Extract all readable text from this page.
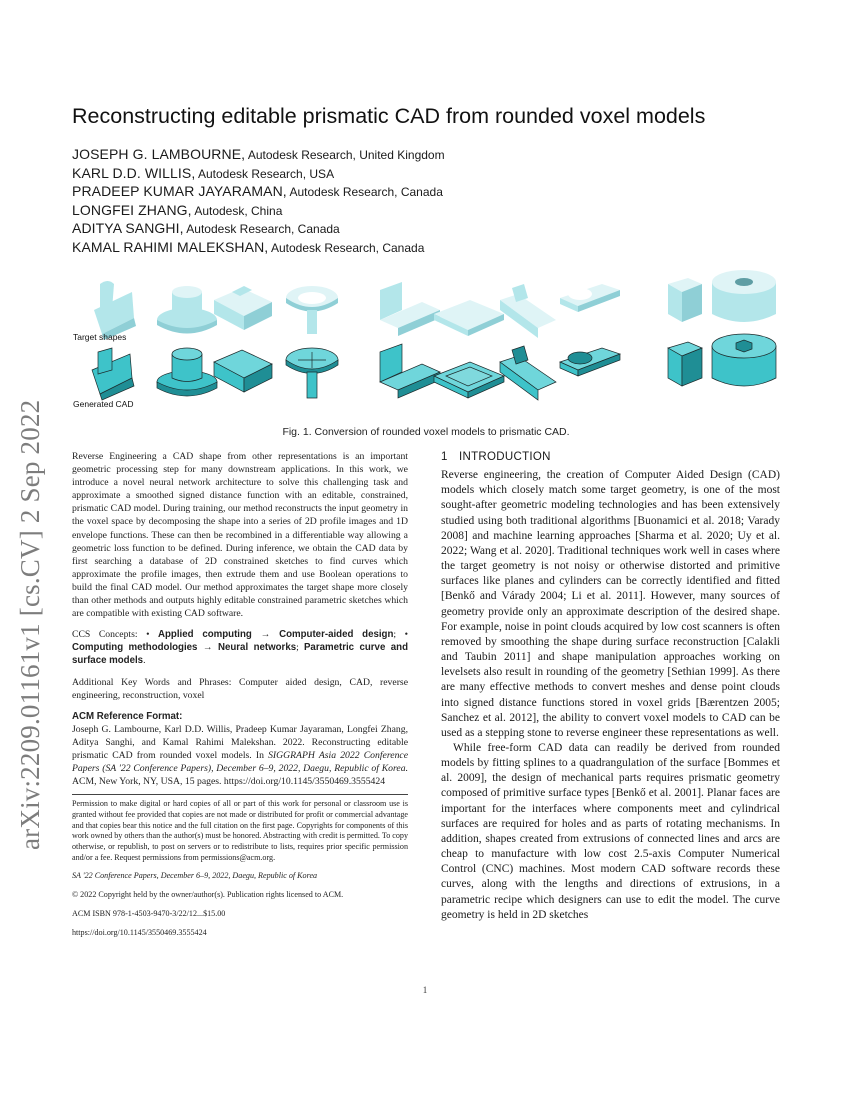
arXiv:2209.01161v1 [cs.CV] 2 Sep 2022
Reconstructing editable prismatic CAD from rounded voxel models
JOSEPH G. LAMBOURNE, Autodesk Research, United Kingdom
KARL D.D. WILLIS, Autodesk Research, USA
PRADEEP KUMAR JAYARAMAN, Autodesk Research, Canada
LONGFEI ZHANG, Autodesk, China
ADITYA SANGHI, Autodesk Research, Canada
KAMAL RAHIMI MALEKSHAN, Autodesk Research, Canada
Target shapes
Generated CAD
Fig. 1. Conversion of rounded voxel models to prismatic CAD.

Reverse Engineering a CAD shape from other representations is an important geometric processing step for many downstream applications. In this work, we introduce a novel neural network architecture to solve this challenging task and approximate a smoothed signed distance function with an editable, constrained, prismatic CAD model. During training, our method reconstructs the input geometry in the voxel space by decomposing the shape into a series of 2D profile images and 1D envelope functions. These can then be recombined in a differentiable way allowing a geometric loss function to be defined. During inference, we obtain the CAD data by first searching a database of 2D constrained sketches to find curves which approximate the profile images, then extrude them and use Boolean operations to build the final CAD model. Our method approximates the target shape more closely than other methods and outputs highly editable constrained parametric sketches which are compatible with existing CAD software.

CCS Concepts: • Applied computing → Computer-aided design; • Computing methodologies → Neural networks; Parametric curve and surface models.

Additional Key Words and Phrases: Computer aided design, CAD, reverse engineering, reconstruction, voxel

ACM Reference Format:

Joseph G. Lambourne, Karl D.D. Willis, Pradeep Kumar Jayaraman, Longfei Zhang, Aditya Sanghi, and Kamal Rahimi Malekshan. 2022. Reconstructing editable prismatic CAD from rounded voxel models. In SIGGRAPH Asia 2022 Conference Papers (SA '22 Conference Papers), December 6–9, 2022, Daegu, Republic of Korea. ACM, New York, NY, USA, 15 pages. https://doi.org/10.1145/3550469.3555424

Permission to make digital or hard copies of all or part of this work for personal or classroom use is granted without fee provided that copies are not made or distributed for profit or commercial advantage and that copies bear this notice and the full citation on the first page. Copyrights for components of this work owned by others than the author(s) must be honored. Abstracting with credit is permitted. To copy otherwise, or republish, to post on servers or to redistribute to lists, requires prior specific permission and/or a fee. Request permissions from permissions@acm.org.

SA '22 Conference Papers, December 6–9, 2022, Daegu, Republic of Korea

© 2022 Copyright held by the owner/author(s). Publication rights licensed to ACM.

ACM ISBN 978-1-4503-9470-3/22/12...$15.00

https://doi.org/10.1145/3550469.3555424

1 INTRODUCTION

Reverse engineering, the creation of Computer Aided Design (CAD) models which closely match some target geometry, is one of the most sought-after geometric modeling technologies and has been extensively studied using both traditional algorithms [Buonamici et al. 2018; Varady 2008] and machine learning approaches [Sharma et al. 2020; Uy et al. 2022; Wang et al. 2020]. Traditional techniques work well in cases where the target geometry is not noisy or otherwise distorted and primitive surfaces like planes and cylinders can be correctly identified and fitted [Benkő and Várady 2004; Li et al. 2011]. However, many sources of geometry provide only an approximate description of the desired shape. For example, noise in point clouds acquired by low cost scanners is often removed by smoothing the shape during surface reconstruction [Calakli and Taubin 2011] and shape manipulation approaches working on levelsets also result in rounding of the geometry [Sethian 1999]. As there are many effective methods to convert meshes and dense point clouds into signed distance functions stored in voxel grids [Bærentzen 2005; Sanchez et al. 2012], the ability to convert voxel models to CAD can be used as a stepping stone to reverse engineer these representations as well.

While free-form CAD data can readily be derived from rounded models by fitting splines to a quadrangulation of the surface [Bommes et al. 2009], the design of mechanical parts requires prismatic geometry composed of primitive surface types [Benkő et al. 2001]. Planar faces are important for the interfaces where components meet and cylindrical surfaces are required for holes and as parts of rotating mechanisms. In addition, shapes created from extrusions of connected lines and arcs are cheap to manufacture with low cost 2.5-axis Computer Numerical Control (CNC) machines. Most modern CAD software records these curves, along with the lengths and directions of extrusions, in a parametric recipe which designers can use to edit the model. The curve geometry is held in 2D sketches

1
